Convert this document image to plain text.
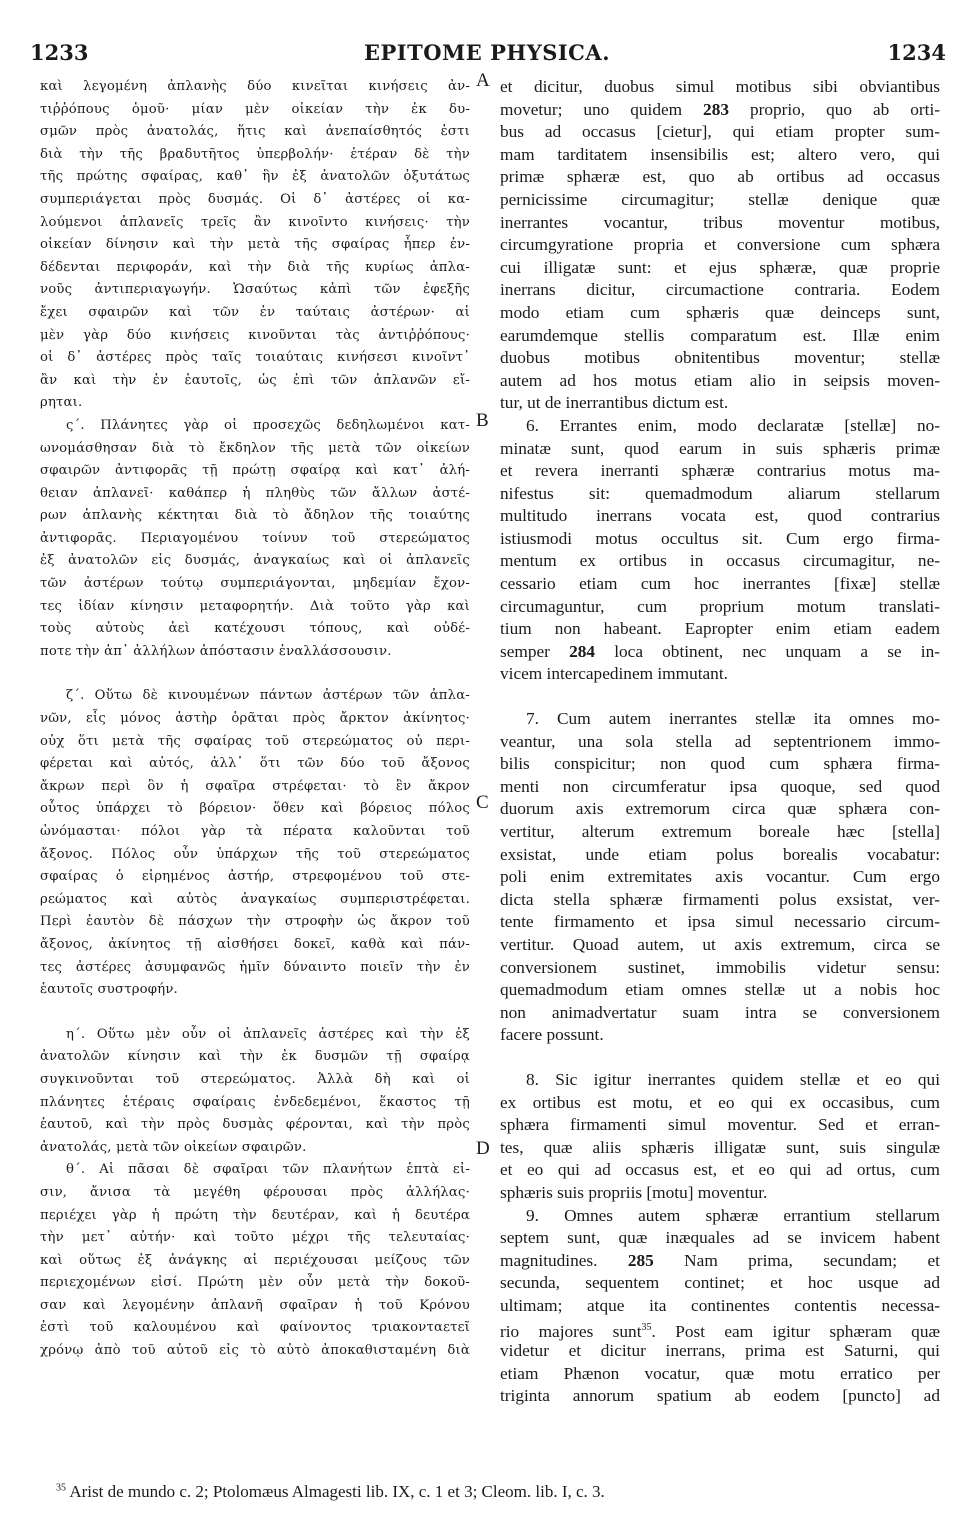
1233	EPITOME PHYSICA.	1234
A
B
C
D
καὶ λεγομένη ἀπλανὴς δύο κινεῖται κινήσεις ἀν-
τιῤῥόπους ὁμοῦ· μίαν μὲν οἰκείαν τὴν ἐκ δυ-
σμῶν πρὸς ἀνατολάς, ἥτις καὶ ἀνεπαίσθητός ἐστι
διὰ τὴν τῆς βραδυτῆτος ὑπερβολήν· ἑτέραν δὲ τὴν
τῆς πρώτης σφαίρας, καθ᾽ ἣν ἐξ ἀνατολῶν ὀξυτάτως
συμπεριάγεται πρὸς δυσμάς. Οἱ δ᾽ ἀστέρες οἱ κα-
λούμενοι ἀπλανεῖς τρεῖς ἂν κινοῖντο κινήσεις· τὴν
οἰκείαν δίνησιν καὶ τὴν μετὰ τῆς σφαίρας ἧπερ ἐν-
δέδενται περιφοράν, καὶ τὴν διὰ τῆς κυρίως ἀπλα-
νοῦς ἀντιπεριαγωγήν. Ὡσαύτως κἀπὶ τῶν ἐφεξῆς
ἔχει σφαιρῶν καὶ τῶν ἐν ταύταις ἀστέρων· αἱ
μὲν γὰρ δύο κινήσεις κινοῦνται τὰς ἀντιῤῥόπους·
οἱ δ᾽ ἀστέρες πρὸς ταῖς τοιαύταις κινήσεσι κινοῖντ᾽
ἂν καὶ τὴν ἐν ἑαυτοῖς, ὡς ἐπὶ τῶν ἀπλανῶν εἴ-
ρηται.
ς΄. Πλάνητες γὰρ οἱ προσεχῶς δεδηλωμένοι κατ-
ωνομάσθησαν διὰ τὸ ἔκδηλον τῆς μετὰ τῶν οἰκείων
σφαιρῶν ἀντιφορᾶς τῇ πρώτῃ σφαίρᾳ καὶ κατ᾽ ἀλή-
θειαν ἀπλανεῖ· καθάπερ ἡ πληθὺς τῶν ἄλλων ἀστέ-
ρων ἀπλανὴς κέκτηται διὰ τὸ ἄδηλον τῆς τοιαύτης
ἀντιφορᾶς. Περιαγομένου τοίνυν τοῦ στερεώματος
ἐξ ἀνατολῶν εἰς δυσμάς, ἀναγκαίως καὶ οἱ ἀπλανεῖς
τῶν ἀστέρων τούτῳ συμπεριάγονται, μηδεμίαν ἔχον-
τες ἰδίαν κίνησιν μεταφορητήν. Διὰ τοῦτο γὰρ καὶ
τοὺς αὐτοὺς ἀεὶ κατέχουσι τόπους, καὶ οὐδέ-
ποτε τὴν ἀπ᾽ ἀλλήλων ἀπόστασιν ἐναλλάσσουσιν.
ζ΄. Οὕτω δὲ κινουμένων πάντων ἀστέρων τῶν ἀπλα-
νῶν, εἷς μόνος ἀστὴρ ὁρᾶται πρὸς ἄρκτον ἀκίνητος·
οὐχ ὅτι μετὰ τῆς σφαίρας τοῦ στερεώματος οὐ περι-
φέρεται καὶ αὐτός, ἀλλ᾽ ὅτι τῶν δύο τοῦ ἄξονος
ἄκρων περὶ ὃν ἡ σφαῖρα στρέφεται· τὸ ἓν ἄκρον
οὗτος ὑπάρχει τὸ βόρειον· ὅθεν καὶ βόρειος πόλος
ὠνόμασται· πόλοι γὰρ τὰ πέρατα καλοῦνται τοῦ
ἄξονος. Πόλος οὖν ὑπάρχων τῆς τοῦ στερεώματος
σφαίρας ὁ εἰρημένος ἀστήρ, στρεφομένου τοῦ στε-
ρεώματος καὶ αὐτὸς ἀναγκαίως συμπεριστρέφεται.
Περὶ ἑαυτὸν δὲ πάσχων τὴν στροφὴν ὡς ἄκρον τοῦ
ἄξονος, ἀκίνητος τῇ αἰσθήσει δοκεῖ, καθὰ καὶ πάν-
τες ἀστέρες ἀσυμφανῶς ἡμῖν δύναιντο ποιεῖν τὴν ἐν
ἑαυτοῖς συστροφήν.
η΄. Οὕτω μὲν οὖν οἱ ἀπλανεῖς ἀστέρες καὶ τὴν ἐξ
ἀνατολῶν κίνησιν καὶ τὴν ἐκ δυσμῶν τῇ σφαίρᾳ
συγκινοῦνται τοῦ στερεώματος. Ἀλλὰ δὴ καὶ οἱ
πλάνητες ἑτέραις σφαίραις ἐνδεδεμένοι, ἕκαστος τῇ
ἑαυτοῦ, καὶ τὴν πρὸς δυσμὰς φέρονται, καὶ τὴν πρὸς
ἀνατολάς, μετὰ τῶν οἰκείων σφαιρῶν.
θ΄. Αἱ πᾶσαι δὲ σφαῖραι τῶν πλανήτων ἑπτὰ εἰ-
σιν, ἄνισα τὰ μεγέθη φέρουσαι πρὸς ἀλλήλας·
περιέχει γὰρ ἡ πρώτη τὴν δευτέραν, καὶ ἡ δευτέρα
τὴν μετ᾽ αὐτήν· καὶ τοῦτο μέχρι τῆς τελευταίας·
καὶ οὕτως ἐξ ἀνάγκης αἱ περιέχουσαι μείζους τῶν
περιεχομένων εἰσί. Πρώτη μὲν οὖν μετὰ τὴν δοκοῦ-
σαν καὶ λεγομένην ἀπλανῆ σφαῖραν ἡ τοῦ Κρόνου
ἐστὶ τοῦ καλουμένου καὶ φαίνοντος τριακονταετεῖ
χρόνῳ ἀπὸ τοῦ αὐτοῦ εἰς τὸ αὐτὸ ἀποκαθισταμένη διὰ
et dicitur, duobus simul motibus sibi obviantibus
movetur; uno quidem 283 proprio, quo ab orti-
bus ad occasus [cietur], qui etiam propter sum-
mam tarditatem insensibilis est; altero vero, qui
primæ sphæræ est, quo ab ortibus ad occasus
pernicissime circumagitur; stellæ denique quæ
inerrantes vocantur, tribus moventur motibus,
circumgyratione propria et conversione cum sphæra
cui illigatæ sunt: et ejus sphæræ, quæ proprie
inerrans dicitur, circumactione contraria. Eodem
modo etiam cum sphæris quæ deinceps sunt,
earumdemque stellis comparatum est. Illæ enim
duobus motibus obnitentibus moventur; stellæ
autem ad hos motus etiam alio in seipsis moven-
tur, ut de inerrantibus dictum est.
6. Errantes enim, modo declaratæ [stellæ] no-
minatæ sunt, quod earum in suis sphæris primæ
et revera inerranti sphæræ contrarius motus ma-
nifestus sit: quemadmodum aliarum stellarum
multitudo inerrans vocata est, quod contrarius
istiusmodi motus occultus sit. Cum ergo firma-
mentum ex ortibus in occasus circumagitur, ne-
cessario etiam cum hoc inerrantes [fixæ] stellæ
circumaguntur, cum proprium motum translati-
tium non habeant. Eapropter enim etiam eadem
semper 284 loca obtinent, nec unquam a se in-
vicem intercapedinem immutant.
7. Cum autem inerrantes stellæ ita omnes mo-
veantur, una sola stella ad septentrionem immo-
bilis conspicitur; non quod cum sphæra firma-
menti non circumferatur ipsa quoque, sed quod
duorum axis extremorum circa quæ sphæra con-
vertitur, alterum extremum boreale hæc [stella]
exsistat, unde etiam polus borealis vocabatur:
poli enim extremitates axis vocantur. Cum ergo
dicta stella sphæræ firmamenti polus exsistat, ver-
tente firmamento et ipsa simul necessario circum-
vertitur. Quoad autem, ut axis extremum, circa se
conversionem sustinet, immobilis videtur sensu:
quemadmodum etiam omnes stellæ ut a nobis hoc
non animadvertatur suam intra se conversionem
facere possunt.
8. Sic igitur inerrantes quidem stellæ et eo qui
ex ortibus est motu, et eo qui ex occasibus, cum
sphæra firmamenti simul moventur. Sed et erran-
tes, quæ aliis sphæris illigatæ sunt, suis singulæ
et eo qui ad occasus est, et eo qui ad ortus, cum
sphæris suis propriis [motu] moventur.
9. Omnes autem sphæræ errantium stellarum
septem sunt, quæ inæquales ad se invicem habent
magnitudines. 285 Nam prima, secundam; et
secunda, sequentem continet; et hoc usque ad
ultimam; atque ita continentes contentis necessa-
rio majores sunt$^{35}$. Post eam igitur sphæram quæ
videtur et dicitur inerrans, prima est Saturni, qui
etiam Phænon vocatur, quæ motu erratico per
triginta annorum spatium ab eodem [puncto] ad
$^{35}$ Arist de mundo c. 2; Ptolomæus Almagesti lib. IX, c. 1 et 3; Cleom. lib. I, c. 3.
